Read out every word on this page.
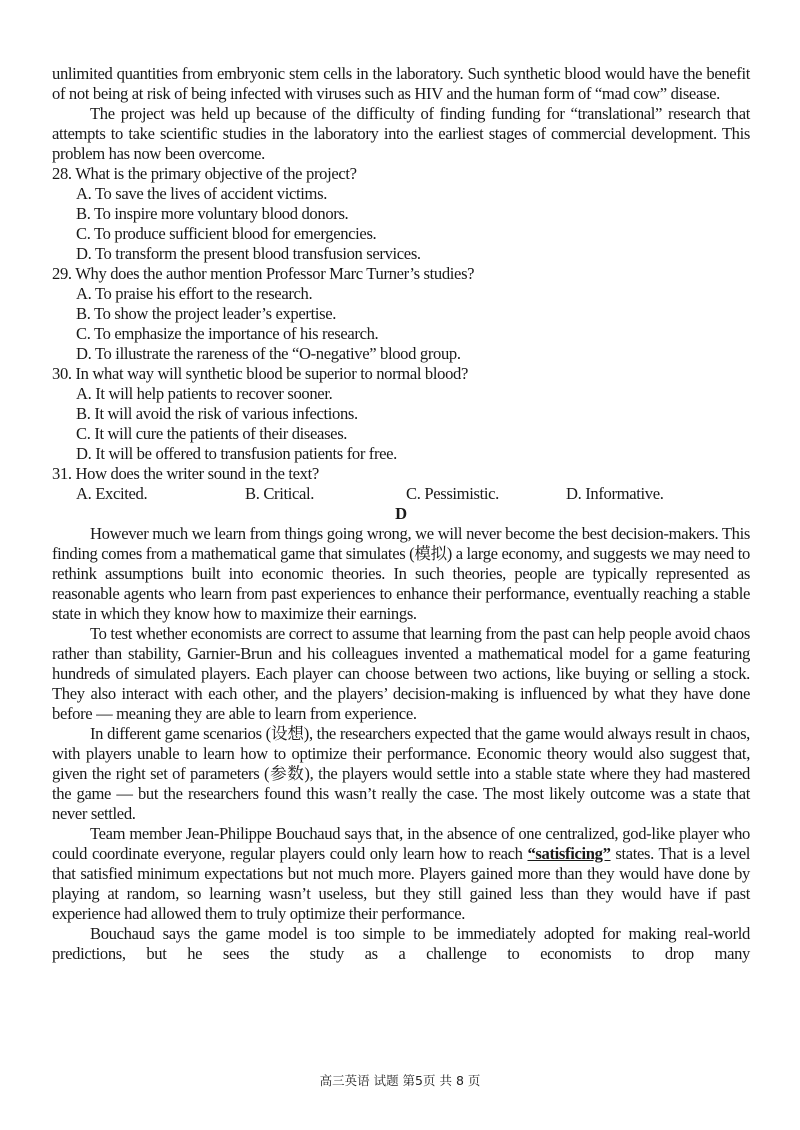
unlimited quantities from embryonic stem cells in the laboratory. Such synthetic blood would have the benefit of not being at risk of being infected with viruses such as HIV and the human form of “mad cow” disease.

The project was held up because of the difficulty of finding funding for “translational” research that attempts to take scientific studies in the laboratory into the earliest stages of commercial development. This problem has now been overcome.

28. What is the primary objective of the project?

A. To save the lives of accident victims.

B. To inspire more voluntary blood donors.

C. To produce sufficient blood for emergencies.

D. To transform the present blood transfusion services.

29. Why does the author mention Professor Marc Turner’s studies?

A. To praise his effort to the research.

B. To show the project leader’s expertise.

C. To emphasize the importance of his research.

D. To illustrate the rareness of the “O-negative” blood group.

30. In what way will synthetic blood be superior to normal blood?

A. It will help patients to recover sooner.

B. It will avoid the risk of various infections.

C. It will cure the patients of their diseases.

D. It will be offered to transfusion patients for free.

31. How does the writer sound in the text?

A. Excited.	B. Critical.	C. Pessimistic.	D. Informative.
D

However much we learn from things going wrong, we will never become the best decision-makers. This finding comes from a mathematical game that simulates (模拟) a large economy, and suggests we may need to rethink assumptions built into economic theories. In such theories, people are typically represented as reasonable agents who learn from past experiences to enhance their performance, eventually reaching a stable state in which they know how to maximize their earnings.

To test whether economists are correct to assume that learning from the past can help people avoid chaos rather than stability, Garnier-Brun and his colleagues invented a mathematical model for a game featuring hundreds of simulated players. Each player can choose between two actions, like buying or selling a stock. They also interact with each other, and the players’ decision-making is influenced by what they have done before — meaning they are able to learn from experience.

In different game scenarios (设想), the researchers expected that the game would always result in chaos, with players unable to learn how to optimize their performance. Economic theory would also suggest that, given the right set of parameters (参数), the players would settle into a stable state where they had mastered the game — but the researchers found this wasn’t really the case. The most likely outcome was a state that never settled.

Team member Jean-Philippe Bouchaud says that, in the absence of one centralized, god-like player who could coordinate everyone, regular players could only learn how to reach “satisficing” states. That is a level that satisfied minimum expectations but not much more. Players gained more than they would have done by playing at random, so learning wasn’t useless, but they still gained less than they would have if past experience had allowed them to truly optimize their performance.

Bouchaud says the game model is too simple to be immediately adopted for making real-world predictions, but he sees the study as a challenge to economists to drop many

高三英语 试题 第5页 共 8 页
